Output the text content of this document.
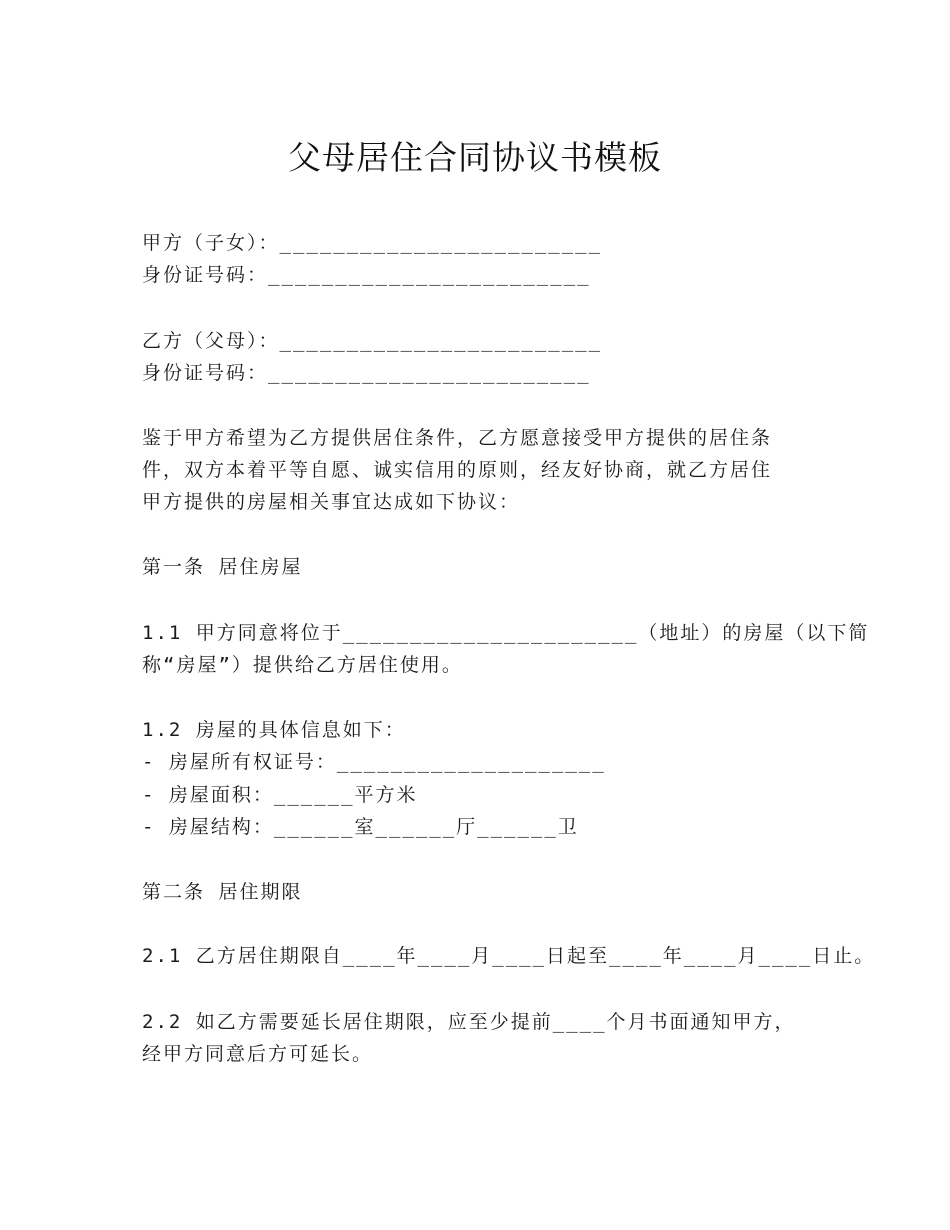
父母居住合同协议书模板
甲方（子女）：________________________
身份证号码：________________________
乙方（父母）：________________________
身份证号码：________________________
鉴于甲方希望为乙方提供居住条件，乙方愿意接受甲方提供的居住条
件，双方本着平等自愿、诚实信用的原则，经友好协商，就乙方居住
甲方提供的房屋相关事宜达成如下协议：
第一条 居住房屋
1.1 甲方同意将位于______________________（地址）的房屋（以下简
称“房屋”）提供给乙方居住使用。
1.2 房屋的具体信息如下：
- 房屋所有权证号：____________________
- 房屋面积：______平方米
- 房屋结构：______室______厅______卫
第二条 居住期限
2.1 乙方居住期限自____年____月____日起至____年____月____日止。
2.2 如乙方需要延长居住期限，应至少提前____个月书面通知甲方，
经甲方同意后方可延长。
